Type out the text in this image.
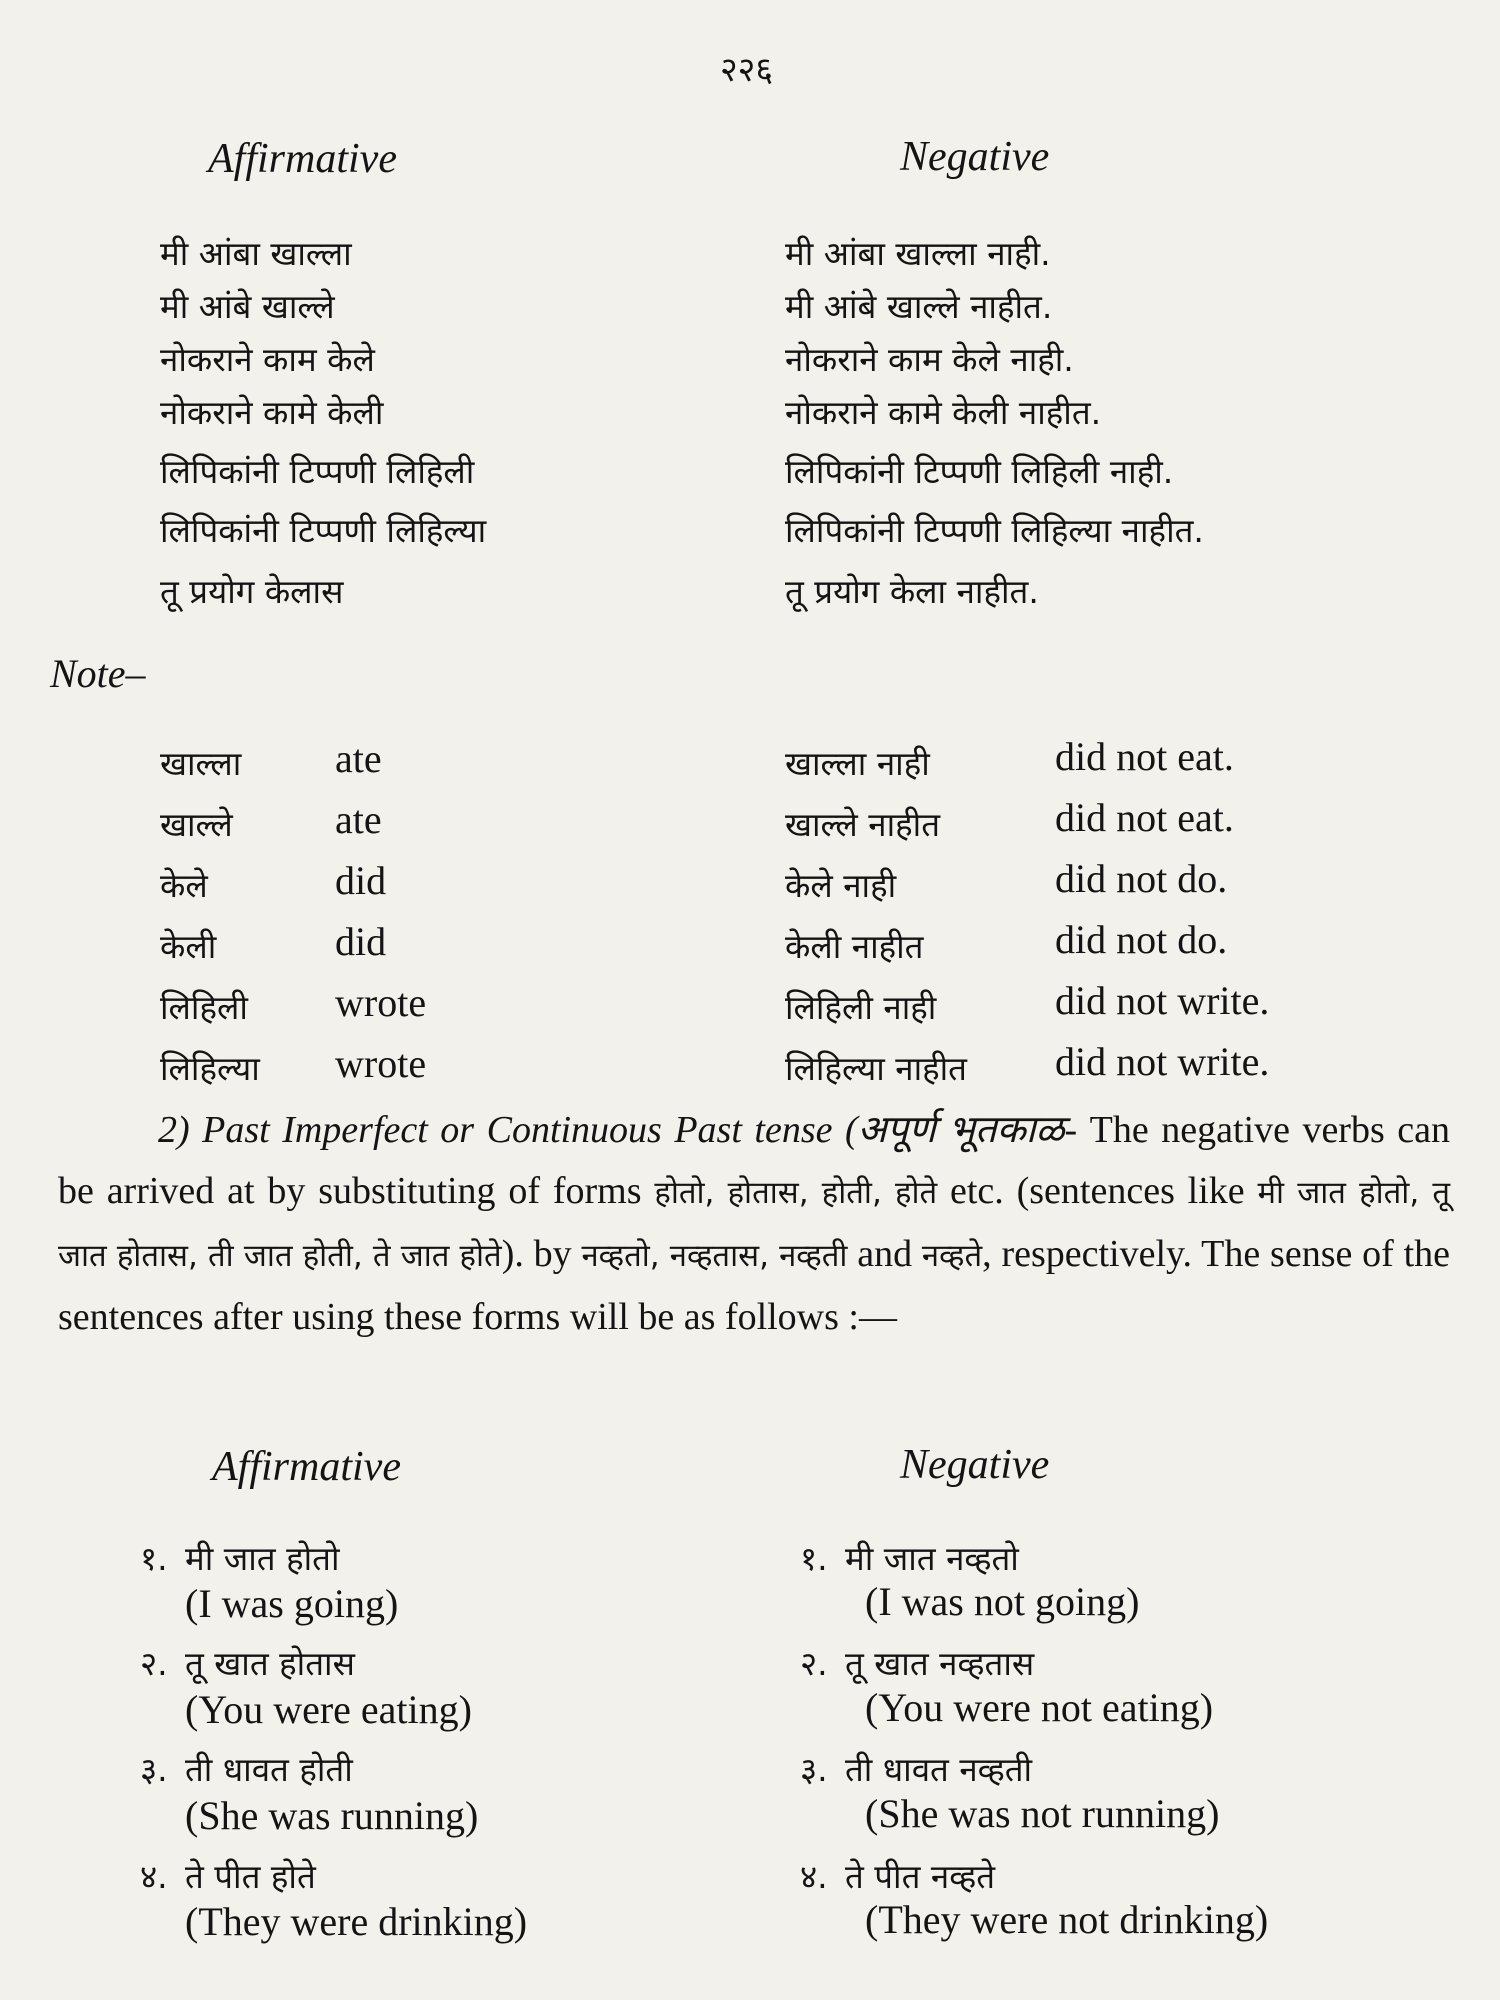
२२६
Affirmative	Negative
मी आंबा खाल्ला	मी आंबा खाल्ला नाही.
मी आंबे खाल्ले	मी आंबे खाल्ले नाहीत.
नोकराने काम केले	नोकराने काम केले नाही.
नोकराने कामे केली	नोकराने कामे केली नाहीत.
लिपिकांनी टिप्पणी लिहिली	लिपिकांनी टिप्पणी लिहिली नाही.
लिपिकांनी टिप्पणी लिहिल्या	लिपिकांनी टिप्पणी लिहिल्या नाहीत.
तू प्रयोग केलास	तू प्रयोग केला नाहीत.
Note–
खाल्ला ate	खाल्ला नाही	did not eat.
खाल्ले	ate	खाल्ले नाहीत	did not eat.
केले	did	केले नाही	did not do.
केली	did	केली नाहीत	did not do.
लिहिली wrote	लिहिली नाही	did not write.
लिहिल्या wrote	लिहिल्या नाहीत did not write.
2) Past Imperfect or Continuous Past tense (अपूर्ण भूतकाळ- The negative verbs can be arrived at by substituting of forms होतो, होतास, होती, होते etc. (sentences like मी जात होतो, तू जात होतास, ती जात होती, ते जात होते). by नव्हतो, नव्हतास, नव्हती and नव्हते, respectively. The sense of the sentences after using these forms will be as follows :—
Affirmative	Negative
१. मी जात होतो	१. मी जात नव्हतो
(I was going)	(I was not going)
२. तू खात होतास	२. तू खात नव्हतास
(You were eating)	(You were not eating)
३. ती धावत होती	३. ती धावत नव्हती
(She was running)	(She was not running)
४. ते पीत होते	४. ते पीत नव्हते
(They were drinking)	(They were not drinking)
